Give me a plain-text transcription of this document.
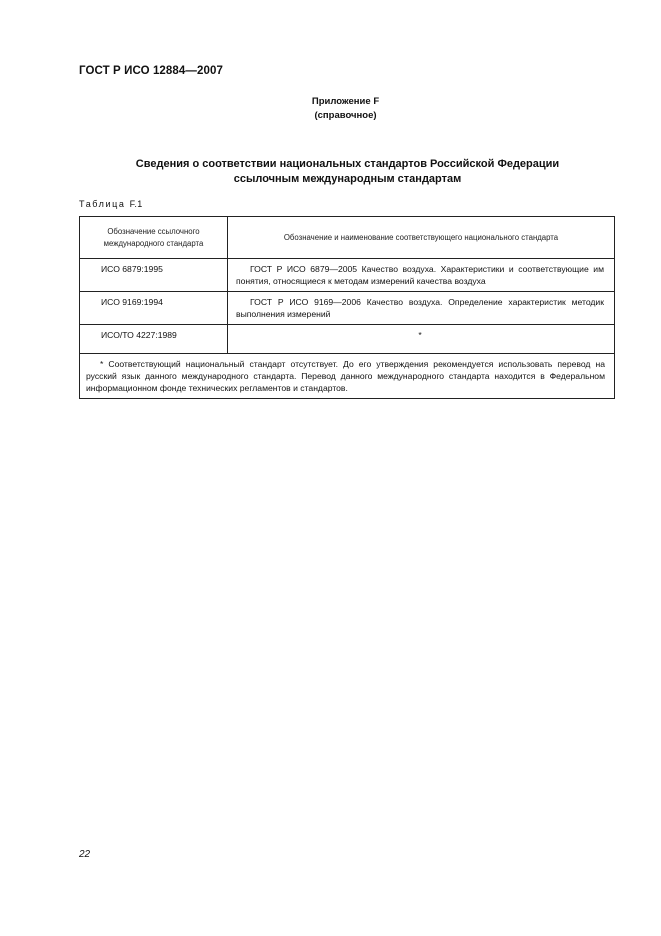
ГОСТ Р ИСО 12884—2007
Приложение F
(справочное)
Сведения о соответствии национальных стандартов Российской Федерации
ссылочным международным стандартам
Таблица F.1
Обозначение ссылочного международного стандарта	Обозначение и наименование соответствующего национального стандарта
ИСО 6879:1995	ГОСТ Р ИСО 6879—2005 Качество воздуха. Характеристики и соответствующие им понятия, относящиеся к методам измерений качества воздуха
ИСО 9169:1994	ГОСТ Р ИСО 9169—2006 Качество воздуха. Определение характеристик методик выполнения измерений
ИСО/ТО 4227:1989	*
* Соответствующий национальный стандарт отсутствует. До его утверждения рекомендуется использовать перевод на русский язык данного международного стандарта. Перевод данного международного стандарта находится в Федеральном информационном фонде технических регламентов и стандартов.	
22
